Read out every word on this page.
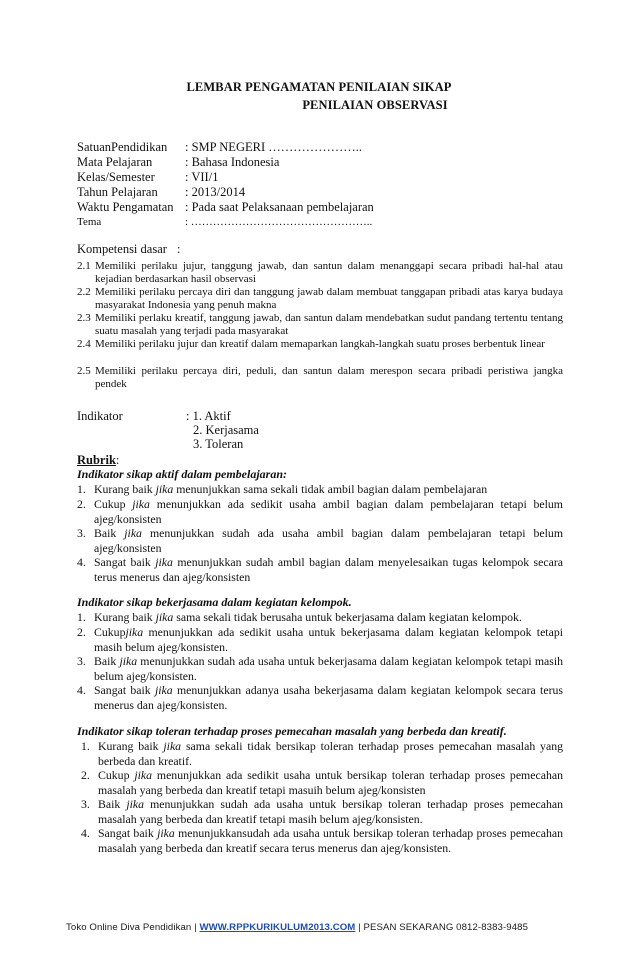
LEMBAR PENGAMATAN PENILAIAN SIKAP
PENILAIAN OBSERVASI
SatuanPendidikan : SMP NEGERI …………………..
Mata Pelajaran	: Bahasa Indonesia
Kelas/Semester : VII/1
Tahun Pelajaran : 2013/2014
Waktu Pengamatan : Pada saat Pelaksanaan pembelajaran
Tema	: …………………………………………..
Kompetensi dasar :
2.1 Memiliki perilaku jujur, tanggung jawab, dan santun dalam menanggapi secara pribadi hal-hal atau kejadian berdasarkan hasil observasi
2.2 Memiliki perilaku percaya diri dan tanggung jawab dalam membuat tanggapan pribadi atas karya budaya masyarakat Indonesia yang penuh makna
2.3 Memiliki perlaku kreatif, tanggung jawab, dan santun dalam mendebatkan sudut pandang tertentu tentang suatu masalah yang terjadi pada masyarakat
2.4 Memiliki perilaku jujur dan kreatif dalam memaparkan langkah-langkah suatu proses berbentuk linear
2.5 Memiliki perilaku percaya diri, peduli, dan santun dalam merespon secara pribadi peristiwa jangka pendek
Indikator	: 1. Aktif
2. Kerjasama
3. Toleran
Rubrik:
Indikator sikap aktif dalam pembelajaran:
1. Kurang baik jika menunjukkan sama sekali tidak ambil bagian dalam pembelajaran
2. Cukup jika menunjukkan ada sedikit usaha ambil bagian dalam pembelajaran tetapi belum ajeg/konsisten
3. Baik jika menunjukkan sudah ada usaha ambil bagian dalam pembelajaran tetapi belum ajeg/konsisten
4. Sangat baik jika menunjukkan sudah ambil bagian dalam menyelesaikan tugas kelompok secara terus menerus dan ajeg/konsisten
Indikator sikap bekerjasama dalam kegiatan kelompok.
1. Kurang baik jika sama sekali tidak berusaha untuk bekerjasama dalam kegiatan kelompok.
2. Cukupjika menunjukkan ada sedikit usaha untuk bekerjasama dalam kegiatan kelompok tetapi masih belum ajeg/konsisten.
3. Baik jika menunjukkan sudah ada usaha untuk bekerjasama dalam kegiatan kelompok tetapi masih belum ajeg/konsisten.
4. Sangat baik jika menunjukkan adanya usaha bekerjasama dalam kegiatan kelompok secara terus menerus dan ajeg/konsisten.
Indikator sikap toleran terhadap proses pemecahan masalah yang berbeda dan kreatif.
1. Kurang baik jika sama sekali tidak bersikap toleran terhadap proses pemecahan masalah yang berbeda dan kreatif.
2. Cukup jika menunjukkan ada sedikit usaha untuk bersikap toleran terhadap proses pemecahan masalah yang berbeda dan kreatif tetapi masuih belum ajeg/konsisten
3. Baik jika menunjukkan sudah ada usaha untuk bersikap toleran terhadap proses pemecahan masalah yang berbeda dan kreatif tetapi masih belum ajeg/konsisten.
4. Sangat baik jika menunjukkansudah ada usaha untuk bersikap toleran terhadap proses pemecahan masalah yang berbeda dan kreatif secara terus menerus dan ajeg/konsisten.
Toko Online Diva Pendidikan | WWW.RPPKURIKULUM2013.COM | PESAN SEKARANG 0812-8383-9485
